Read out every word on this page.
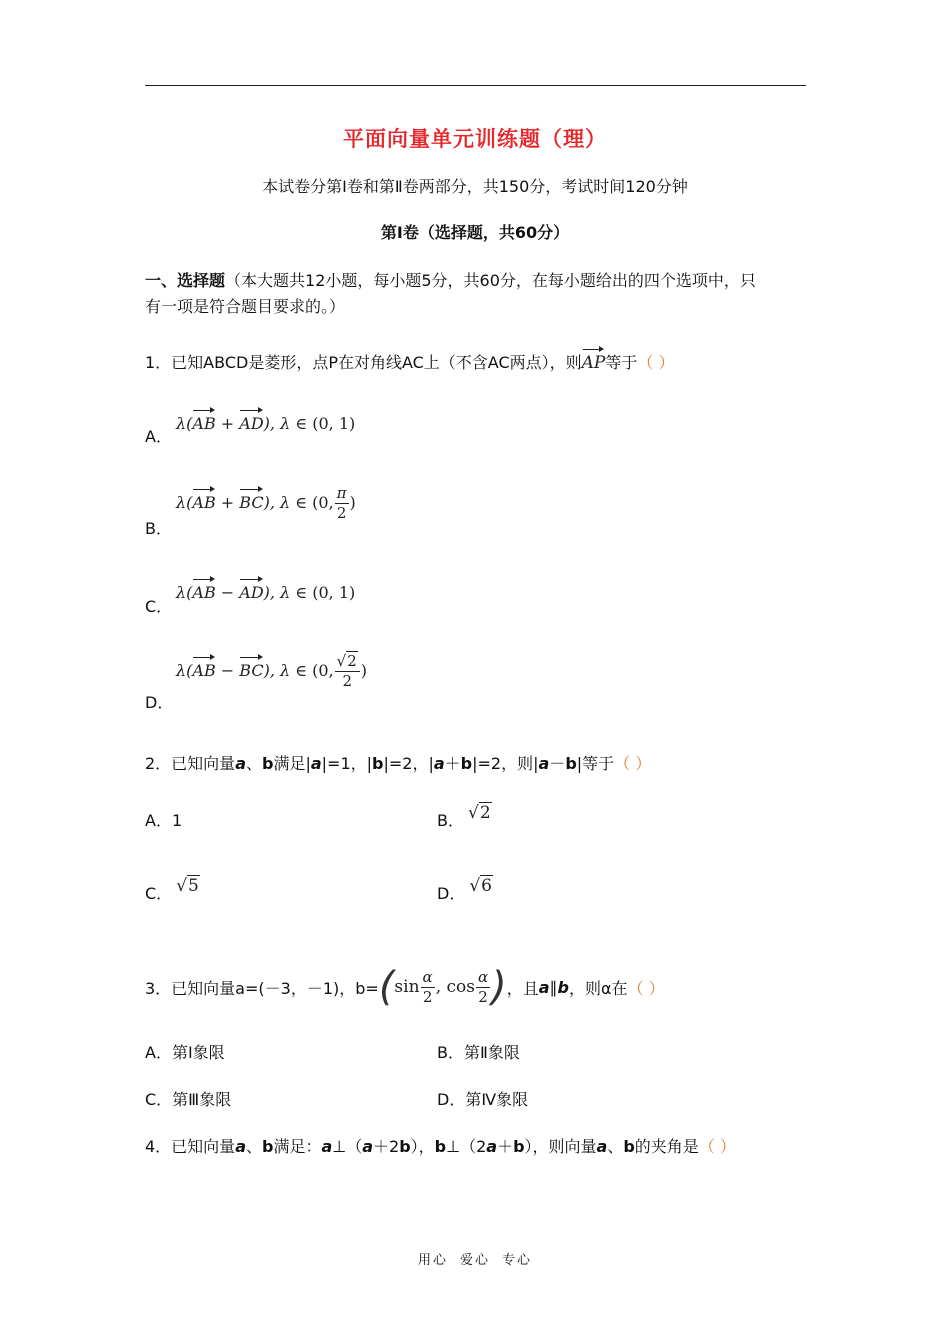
平面向量单元训练题（理）
本试卷分第Ⅰ卷和第Ⅱ卷两部分，共150分，考试时间120分钟
第Ⅰ卷（选择题，共60分）
一、选择题（本大题共12小题，每小题5分，共60分，在每小题给出的四个选项中，只
有一项是符合题目要求的。）
1．已知ABCD是菱形，点P在对角线AC上（不含AC两点），则AP等于（ ）
A．
λ(AB + AD), λ ∈ (0, 1)
B．
λ(AB + BC), λ ∈ (0, $\frac{\pi}{2}$ )
C．
λ(AB − AD), λ ∈ (0, 1)
D．
λ(AB − BC), λ ∈ (0, $\frac{√2}{2}$ )
2．已知向量a、b满足|a|=1，|b|=2，|a＋b|=2，则|a－b|等于（ ）
A．1	B． √2
C． √5	D． √6
3．已知向量a=(－3，－1)，b= ( $\sin \frac{\alpha}{2}$ , $\cos \frac{\alpha}{2}$ ) ，且 a ∥ b ，则α在 （ ）
A．第Ⅰ象限	B．第Ⅱ象限
C．第Ⅲ象限	D．第Ⅳ象限
4．已知向量a、b满足：a⊥（a＋2b），b⊥（2a＋b），则向量a、b的夹角是（ ）
用心 爱心 专心
